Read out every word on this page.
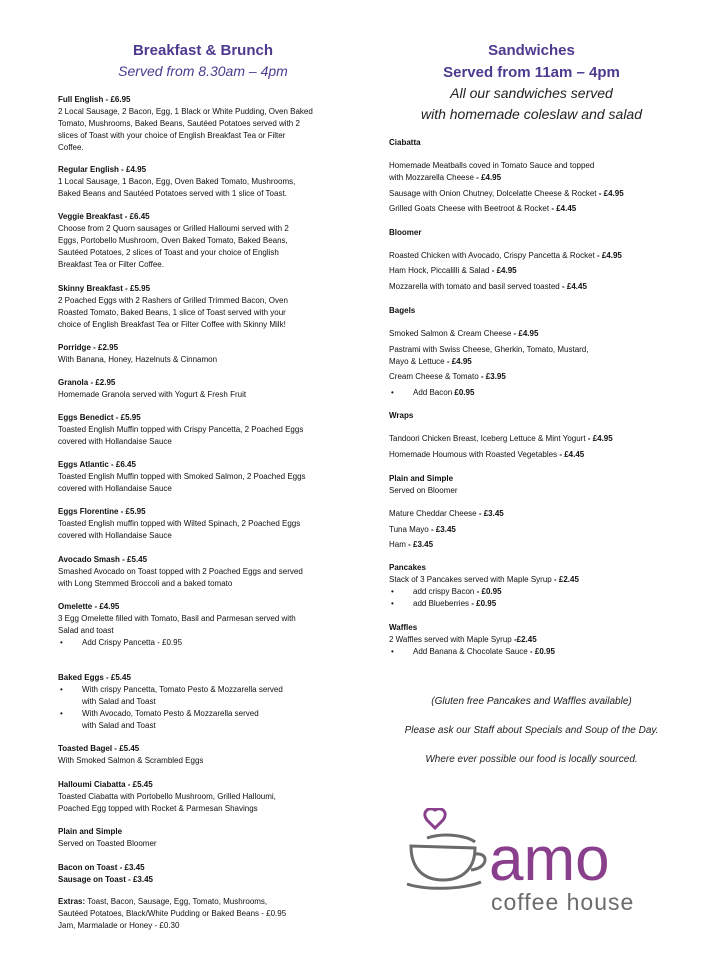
Breakfast & Brunch
Served from 8.30am – 4pm
Full English - £6.95
2 Local Sausage, 2 Bacon, Egg, 1 Black or White Pudding, Oven Baked
Tomato, Mushrooms, Baked Beans, Sautéed Potatoes served with 2
slices of Toast with your choice of English Breakfast Tea or Filter
Coffee.
Regular English - £4.95
1 Local Sausage, 1 Bacon, Egg, Oven Baked Tomato, Mushrooms,
Baked Beans and Sautéed Potatoes served with 1 slice of Toast.
Veggie Breakfast - £6.45
Choose from 2 Quorn sausages or Grilled Halloumi served with 2
Eggs, Portobello Mushroom, Oven Baked Tomato, Baked Beans,
Sautéed Potatoes, 2 slices of Toast and your choice of English
Breakfast Tea or Filter Coffee.
Skinny Breakfast - £5.95
2 Poached Eggs with 2 Rashers of Grilled Trimmed Bacon, Oven
Roasted Tomato, Baked Beans, 1 slice of Toast served with your
choice of English Breakfast Tea or Filter Coffee with Skinny Milk!
Porridge - £2.95
With Banana, Honey, Hazelnuts & Cinnamon
Granola - £2.95
Homemade Granola served with Yogurt & Fresh Fruit
Eggs Benedict - £5.95
Toasted English Muffin topped with Crispy Pancetta, 2 Poached Eggs
covered with Hollandaise Sauce
Eggs Atlantic - £6.45
Toasted English Muffin topped with Smoked Salmon, 2 Poached Eggs
covered with Hollandaise Sauce
Eggs Florentine - £5.95
Toasted English muffin topped with Wilted Spinach, 2 Poached Eggs
covered with Hollandaise Sauce
Avocado Smash - £5.45
Smashed Avocado on Toast topped with 2 Poached Eggs and served
with Long Stemmed Broccoli and a baked tomato
Omelette - £4.95
3 Egg Omelette filled with Tomato, Basil and Parmesan served with
Salad and toast
• Add Crispy Pancetta - £0.95
Baked Eggs - £5.45
• With crispy Pancetta, Tomato Pesto & Mozzarella served
with Salad and Toast
• With Avocado, Tomato Pesto & Mozzarella served
with Salad and Toast
Toasted Bagel - £5.45
With Smoked Salmon & Scrambled Eggs
Halloumi Ciabatta - £5.45
Toasted Ciabatta with Portobello Mushroom, Grilled Halloumi,
Poached Egg topped with Rocket & Parmesan Shavings
Plain and Simple
Served on Toasted Bloomer
Bacon on Toast - £3.45
Sausage on Toast - £3.45
Extras: Toast, Bacon, Sausage, Egg, Tomato, Mushrooms,
Sautéed Potatoes, Black/White Pudding or Baked Beans - £0.95
Jam, Marmalade or Honey - £0.30
Sandwiches
Served from 11am – 4pm
All our sandwiches served
with homemade coleslaw and salad
Ciabatta
Homemade Meatballs coved in Tomato Sauce and topped
with Mozzarella Cheese - £4.95
Sausage with Onion Chutney, Dolcelatte Cheese & Rocket - £4.95
Grilled Goats Cheese with Beetroot & Rocket - £4.45
Bloomer
Roasted Chicken with Avocado, Crispy Pancetta & Rocket - £4.95
Ham Hock, Piccalilli & Salad - £4.95
Mozzarella with tomato and basil served toasted - £4.45
Bagels
Smoked Salmon & Cream Cheese - £4.95
Pastrami with Swiss Cheese, Gherkin, Tomato, Mustard,
Mayo & Lettuce - £4.95
Cream Cheese & Tomato - £3.95
• Add Bacon £0.95
Wraps
Tandoori Chicken Breast, Iceberg Lettuce & Mint Yogurt - £4.95
Homemade Houmous with Roasted Vegetables - £4.45
Plain and Simple
Served on Bloomer
Mature Cheddar Cheese - £3.45
Tuna Mayo - £3.45
Ham - £3.45
Pancakes
Stack of 3 Pancakes served with Maple Syrup - £2.45
• add crispy Bacon - £0.95
• add Blueberries - £0.95
Waffles
2 Waffles served with Maple Syrup -£2.45
• Add Banana & Chocolate Sauce - £0.95
(Gluten free Pancakes and Waffles available)
Please ask our Staff about Specials and Soup of the Day.
Where ever possible our food is locally sourced.
amo
coffee house
